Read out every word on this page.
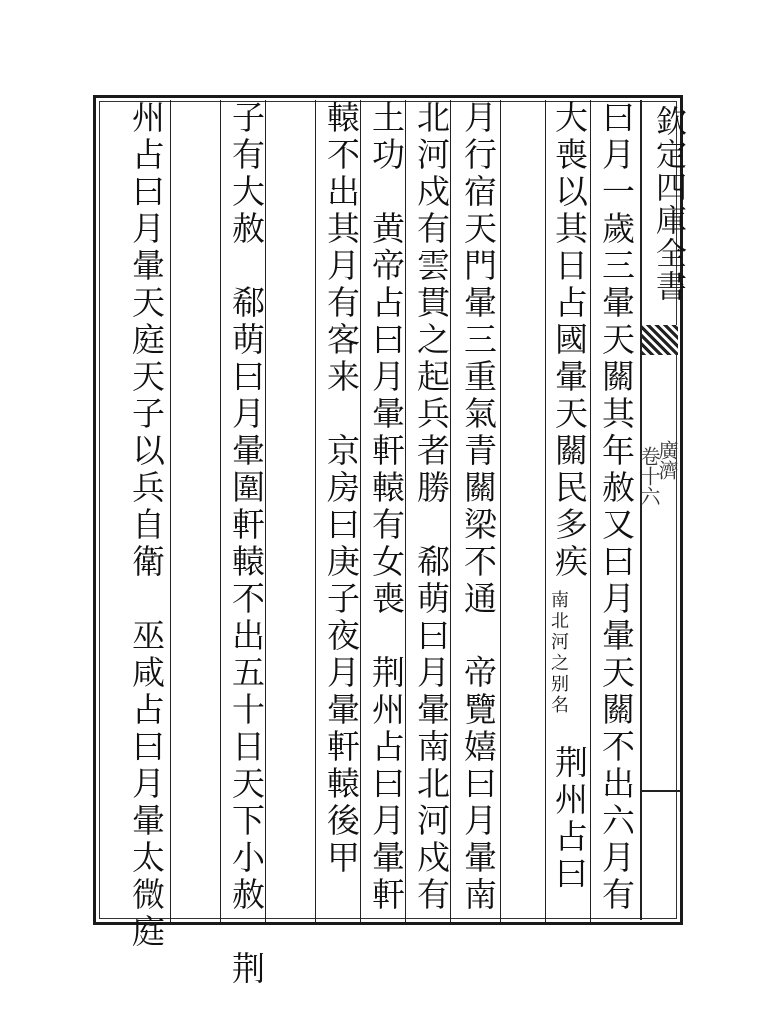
欽定四庫全書
廣濟
卷十六
曰月一歲三暈天關其年赦又曰月暈天關不出六月有
大喪以其日占國暈天關民多疾
南北河之别名
荆州占曰
月行宿天門暈三重氣青關梁不通　帝覽嬉曰月暈南
北河戍有雲貫之起兵者勝　郗萌曰月暈南北河戍有
土功　黄帝占曰月暈軒轅有女喪　荆州占曰月暈軒
轅不出其月有客来　京房曰庚子夜月暈軒轅後甲
子有大赦　郗萌曰月暈圍軒轅不出五十日天下小赦　荆
州占曰月暈天庭天子以兵自衛　巫咸占曰月暈太微庭
